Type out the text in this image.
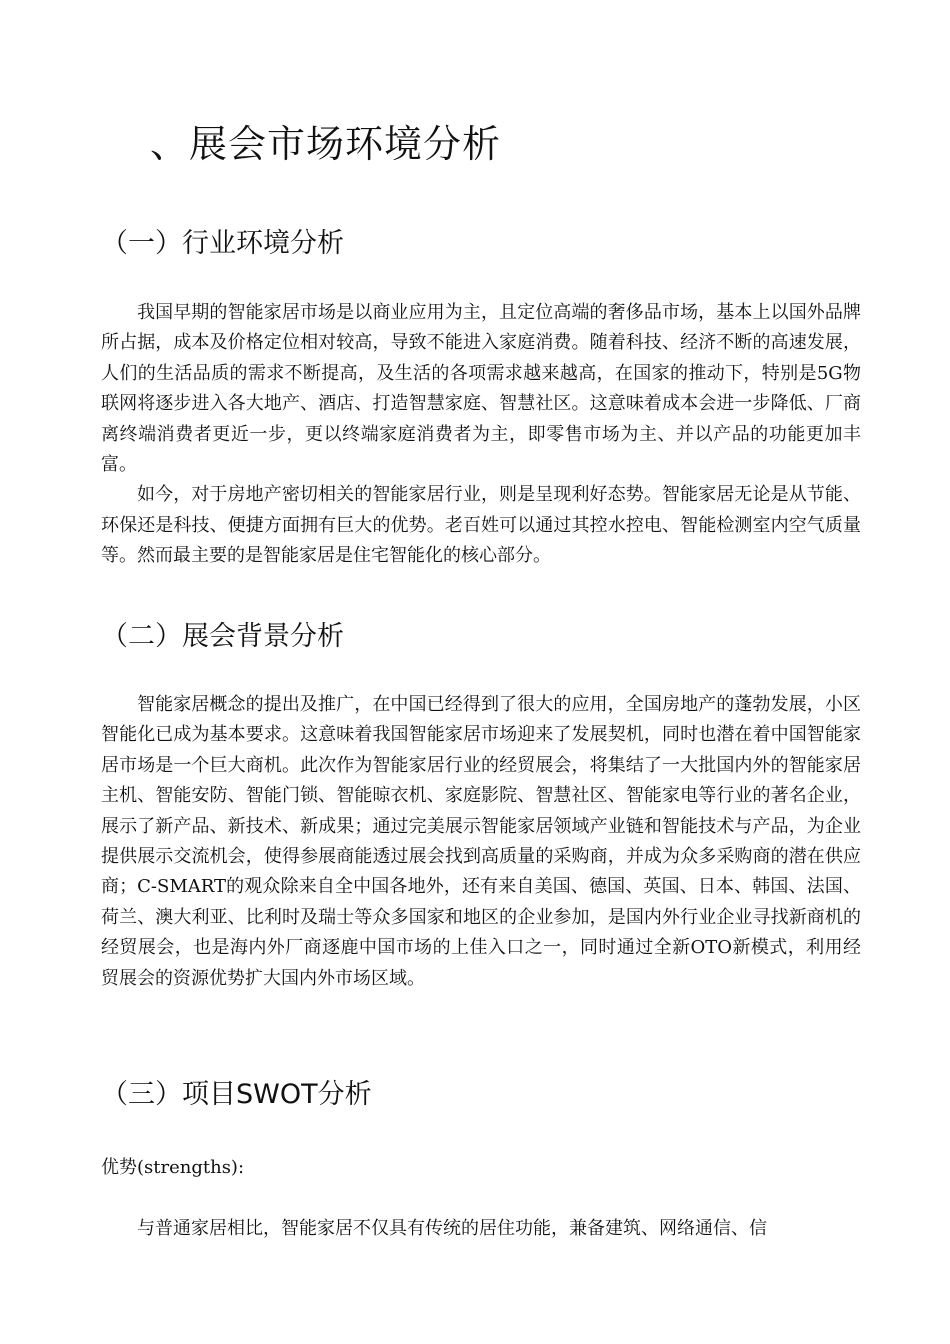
、展会市场环境分析
（一）行业环境分析

我国早期的智能家居市场是以商业应用为主，且定位高端的奢侈品市场，基本上以国外品牌所占据，成本及价格定位相对较高，导致不能进入家庭消费。随着科技、经济不断的高速发展，人们的生活品质的需求不断提高，及生活的各项需求越来越高，在国家的推动下，特别是5G物联网将逐步进入各大地产、酒店、打造智慧家庭、智慧社区。这意味着成本会进一步降低、厂商离终端消费者更近一步，更以终端家庭消费者为主，即零售市场为主、并以产品的功能更加丰富。

如今，对于房地产密切相关的智能家居行业，则是呈现利好态势。智能家居无论是从节能、环保还是科技、便捷方面拥有巨大的优势。老百姓可以通过其控水控电、智能检测室内空气质量等。然而最主要的是智能家居是住宅智能化的核心部分。

（二）展会背景分析

智能家居概念的提出及推广，在中国已经得到了很大的应用，全国房地产的蓬勃发展，小区智能化已成为基本要求。这意味着我国智能家居市场迎来了发展契机，同时也潜在着中国智能家居市场是一个巨大商机。此次作为智能家居行业的经贸展会，将集结了一大批国内外的智能家居主机、智能安防、智能门锁、智能晾衣机、家庭影院、智慧社区、智能家电等行业的著名企业，展示了新产品、新技术、新成果；通过完美展示智能家居领域产业链和智能技术与产品，为企业提供展示交流机会，使得参展商能透过展会找到高质量的采购商，并成为众多采购商的潜在供应商；C-SMART的观众除来自全中国各地外，还有来自美国、德国、英国、日本、韩国、法国、荷兰、澳大利亚、比利时及瑞士等众多国家和地区的企业参加，是国内外行业企业寻找新商机的经贸展会，也是海内外厂商逐鹿中国市场的上佳入口之一，同时通过全新OTO新模式，利用经贸展会的资源优势扩大国内外市场区域。

（三）项目SWOT分析

优势(strengths):

与普通家居相比，智能家居不仅具有传统的居住功能，兼备建筑、网络通信、信
